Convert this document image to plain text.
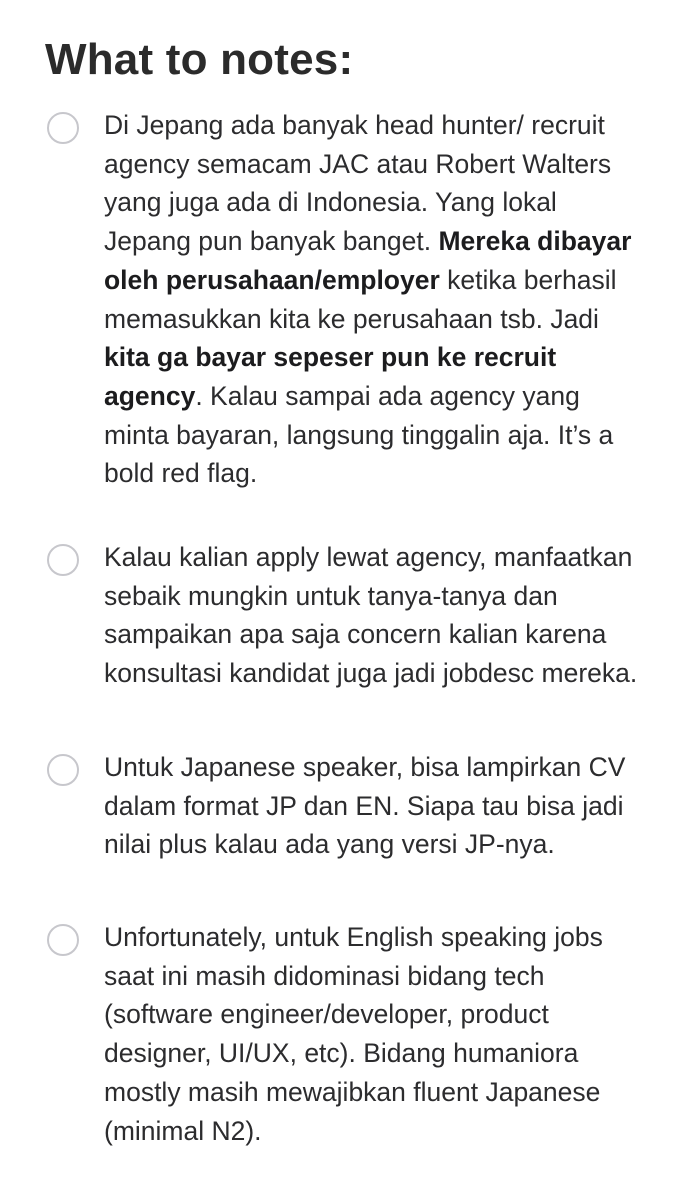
What to notes:
Di Jepang ada banyak head hunter/ recruit agency semacam JAC atau Robert Walters yang juga ada di Indonesia. Yang lokal Jepang pun banyak banget. Mereka dibayar oleh perusahaan/employer ketika berhasil memasukkan kita ke perusahaan tsb. Jadi kita ga bayar sepeser pun ke recruit agency. Kalau sampai ada agency yang minta bayaran, langsung tinggalin aja. It’s a bold red flag.
Kalau kalian apply lewat agency, manfaatkan sebaik mungkin untuk tanya-tanya dan sampaikan apa saja concern kalian karena konsultasi kandidat juga jadi jobdesc mereka.
Untuk Japanese speaker, bisa lampirkan CV dalam format JP dan EN. Siapa tau bisa jadi nilai plus kalau ada yang versi JP-nya.
Unfortunately, untuk English speaking jobs saat ini masih didominasi bidang tech (software engineer/developer, product designer, UI/UX, etc). Bidang humaniora mostly masih mewajibkan fluent Japanese (minimal N2).
